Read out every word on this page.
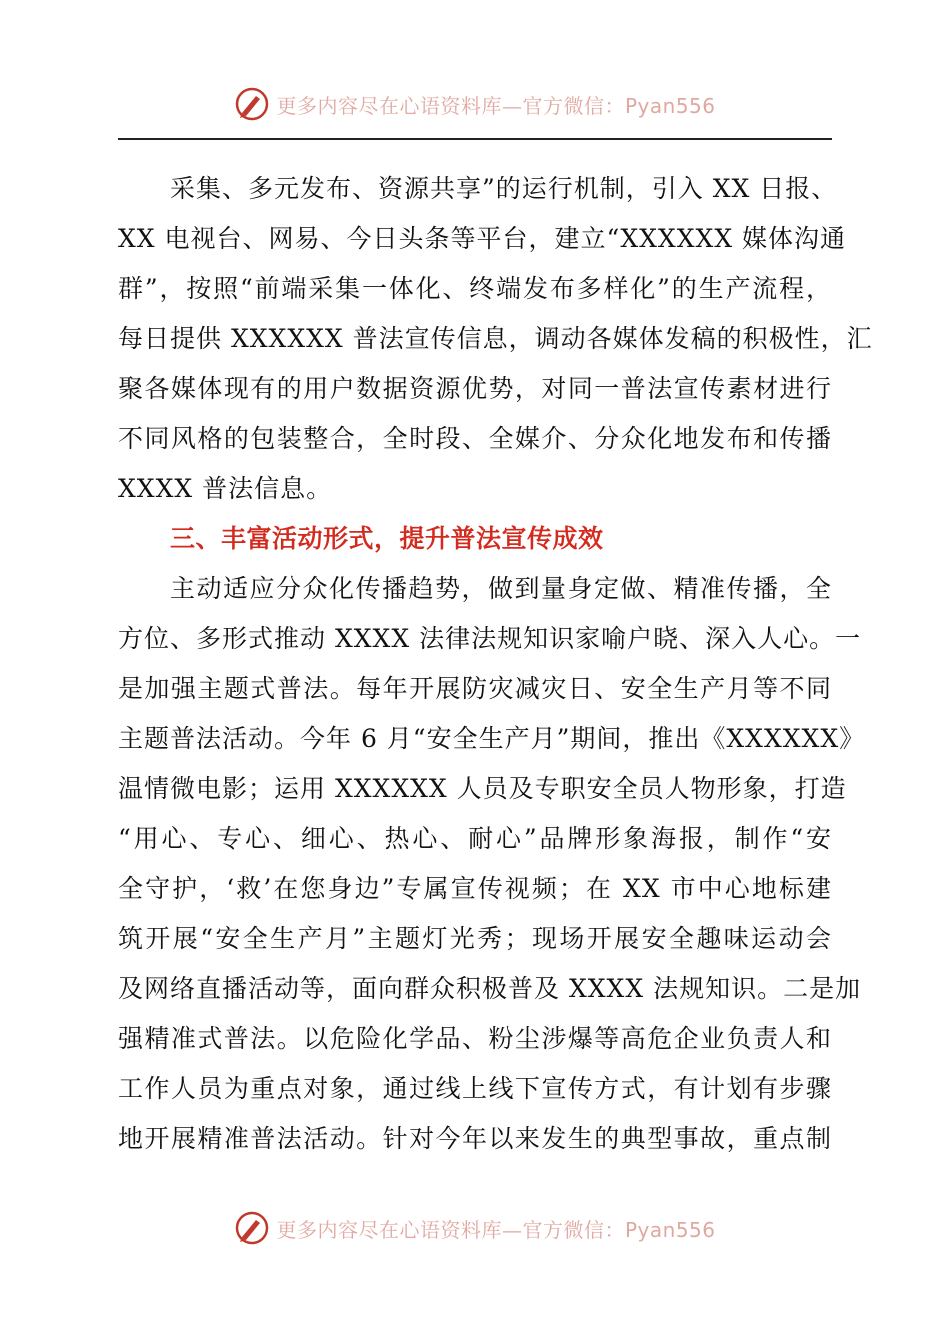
更多内容尽在心语资料库—官方微信：Pyan556
采集、多元发布、资源共享”的运行机制，引入 XX 日报、
XX 电视台、网易、今日头条等平台，建立“XXXXXX 媒体沟通
群”，按照“前端采集一体化、终端发布多样化”的生产流程，
每日提供 XXXXXX 普法宣传信息，调动各媒体发稿的积极性，汇
聚各媒体现有的用户数据资源优势，对同一普法宣传素材进行
不同风格的包装整合，全时段、全媒介、分众化地发布和传播
XXXX 普法信息。
三、丰富活动形式，提升普法宣传成效
主动适应分众化传播趋势，做到量身定做、精准传播，全
方位、多形式推动 XXXX 法律法规知识家喻户晓、深入人心。一
是加强主题式普法。每年开展防灾减灾日、安全生产月等不同
主题普法活动。今年 6 月“安全生产月”期间，推出《XXXXXX》
温情微电影；运用 XXXXXX 人员及专职安全员人物形象，打造
“用心、专心、细心、热心、耐心”品牌形象海报，制作“安
全守护，‘救’在您身边”专属宣传视频；在 XX 市中心地标建
筑开展“安全生产月”主题灯光秀；现场开展安全趣味运动会
及网络直播活动等，面向群众积极普及 XXXX 法规知识。二是加
强精准式普法。以危险化学品、粉尘涉爆等高危企业负责人和
工作人员为重点对象，通过线上线下宣传方式，有计划有步骤
地开展精准普法活动。针对今年以来发生的典型事故，重点制
更多内容尽在心语资料库—官方微信：Pyan556
